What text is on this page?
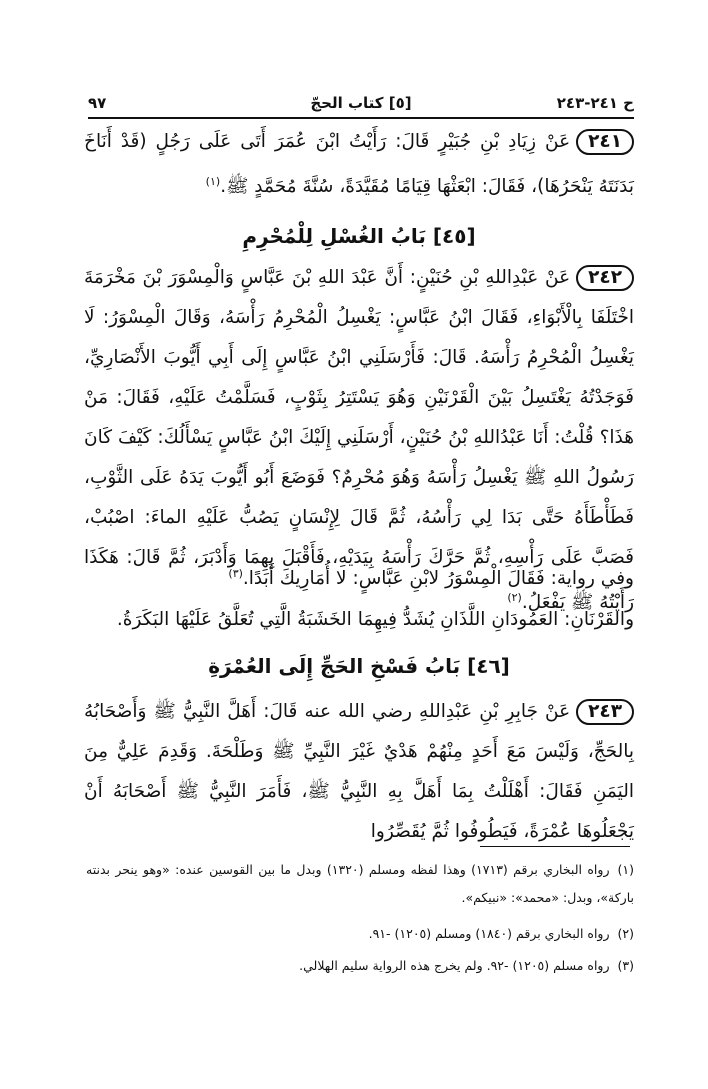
ح ٢٤١-٢٤٣
[٥] كتاب الحجّ
٩٧
٢٤١عَنْ زِيَادِ بْنِ جُبَيْرٍ قَالَ: رَأَيْتُ ابْنَ عُمَرَ أَتَى عَلَى رَجُلٍ (قَدْ أَنَاخَ بَدَنَتَهُ يَنْحَرُهَا)، فَقَالَ: ابْعَثْهَا قِيَامًا مُقَيَّدَةً، سُنَّةَ مُحَمَّدٍ ﷺ.$^{(١)}$
[٤٥] بَابُ الغُسْلِ لِلْمُحْرِمِ
٢٤٢عَنْ عَبْدِاللهِ بْنِ حُنَيْنٍ: أَنَّ عَبْدَ اللهِ بْنَ عَبَّاسٍ وَالْمِسْوَرَ بْنَ مَخْرَمَةَ اخْتَلَفَا بِالْأَبْوَاءِ، فَقَالَ ابْنُ عَبَّاسٍ: يَغْسِلُ الْمُحْرِمُ رَأْسَهُ، وَقَالَ الْمِسْوَرُ: لَا يَغْسِلُ الْمُحْرِمُ رَأْسَهُ. قَالَ: فَأَرْسَلَنِي ابْنُ عَبَّاسٍ إِلَى أَبِي أَيُّوبَ الأَنْصَارِيِّ، فَوَجَدْتُهُ يَغْتَسِلُ بَيْنَ الْقَرْنَيْنِ وَهُوَ يَسْتَتِرُ بِثَوْبٍ، فَسَلَّمْتُ عَلَيْهِ، فَقَالَ: مَنْ هَذَا؟ قُلْتُ: أَنَا عَبْدُاللهِ بْنُ حُنَيْنٍ، أَرْسَلَنِي إِلَيْكَ ابْنُ عَبَّاسٍ يَسْأَلُكَ: كَيْفَ كَانَ رَسُولُ اللهِ ﷺ يَغْسِلُ رَأْسَهُ وَهُوَ مُحْرِمٌ؟ فَوَضَعَ أَبُو أَيُّوبَ يَدَهُ عَلَى الثَّوْبِ، فَطَأْطَأَهُ حَتَّى بَدَا لِي رَأْسُهُ، ثُمَّ قَالَ لِإِنْسَانٍ يَصُبُّ عَلَيْهِ الماءَ: اصْبُبْ، فَصَبَّ عَلَى رَأْسِهِ، ثُمَّ حَرَّكَ رَأْسَهُ بِيَدَيْهِ، فَأَقْبَلَ بِهِمَا وَأَدْبَرَ، ثُمَّ قَالَ: هَكَذَا رَأَيْتُهُ ﷺ يَفْعَلُ.$^{(٢)}$
وفي رواية: فَقَالَ الْمِسْوَرُ لابْنِ عَبَّاسٍ: لا أُمَارِيكَ أَبَدًا.$^{(٣)}$
والقَرْنَانِ: العَمُودَانِ اللَّذَانِ يُشَدُّ فِيهِمَا الخَشَبَةُ الَّتِي تُعَلَّقُ عَلَيْهَا البَكَرَةُ.
[٤٦] بَابُ فَسْخِ الحَجِّ إِلَى العُمْرَةِ
٢٤٣عَنْ جَابِرِ بْنِ عَبْدِاللهِ رضي الله عنه قَالَ: أَهَلَّ النَّبِيُّ ﷺ وَأَصْحَابُهُ بِالحَجِّ، وَلَيْسَ مَعَ أَحَدٍ مِنْهُمْ هَدْيٌ غَيْرَ النَّبِيِّ ﷺ وَطَلْحَةَ. وَقَدِمَ عَلِيٌّ مِنَ اليَمَنِ فَقَالَ: أَهْلَلْتُ بِمَا أَهَلَّ بِهِ النَّبِيُّ ﷺ، فَأَمَرَ النَّبِيُّ ﷺ أَصْحَابَهُ أَنْ يَجْعَلُوهَا عُمْرَةً، فَيَطُوفُوا ثُمَّ يُقَصِّرُوا
(١)رواه البخاري برقم (١٧١٣) وهذا لفظه ومسلم (١٣٢٠) وبدل ما بين القوسين عنده: «وهو ينحر بدنته باركة»، وبدل: «محمد»: «نبيكم».
(٢)رواه البخاري برقم (١٨٤٠) ومسلم (١٢٠٥) -٩١.
(٣)رواه مسلم (١٢٠٥) -٩٢. ولم يخرج هذه الرواية سليم الهلالي.
